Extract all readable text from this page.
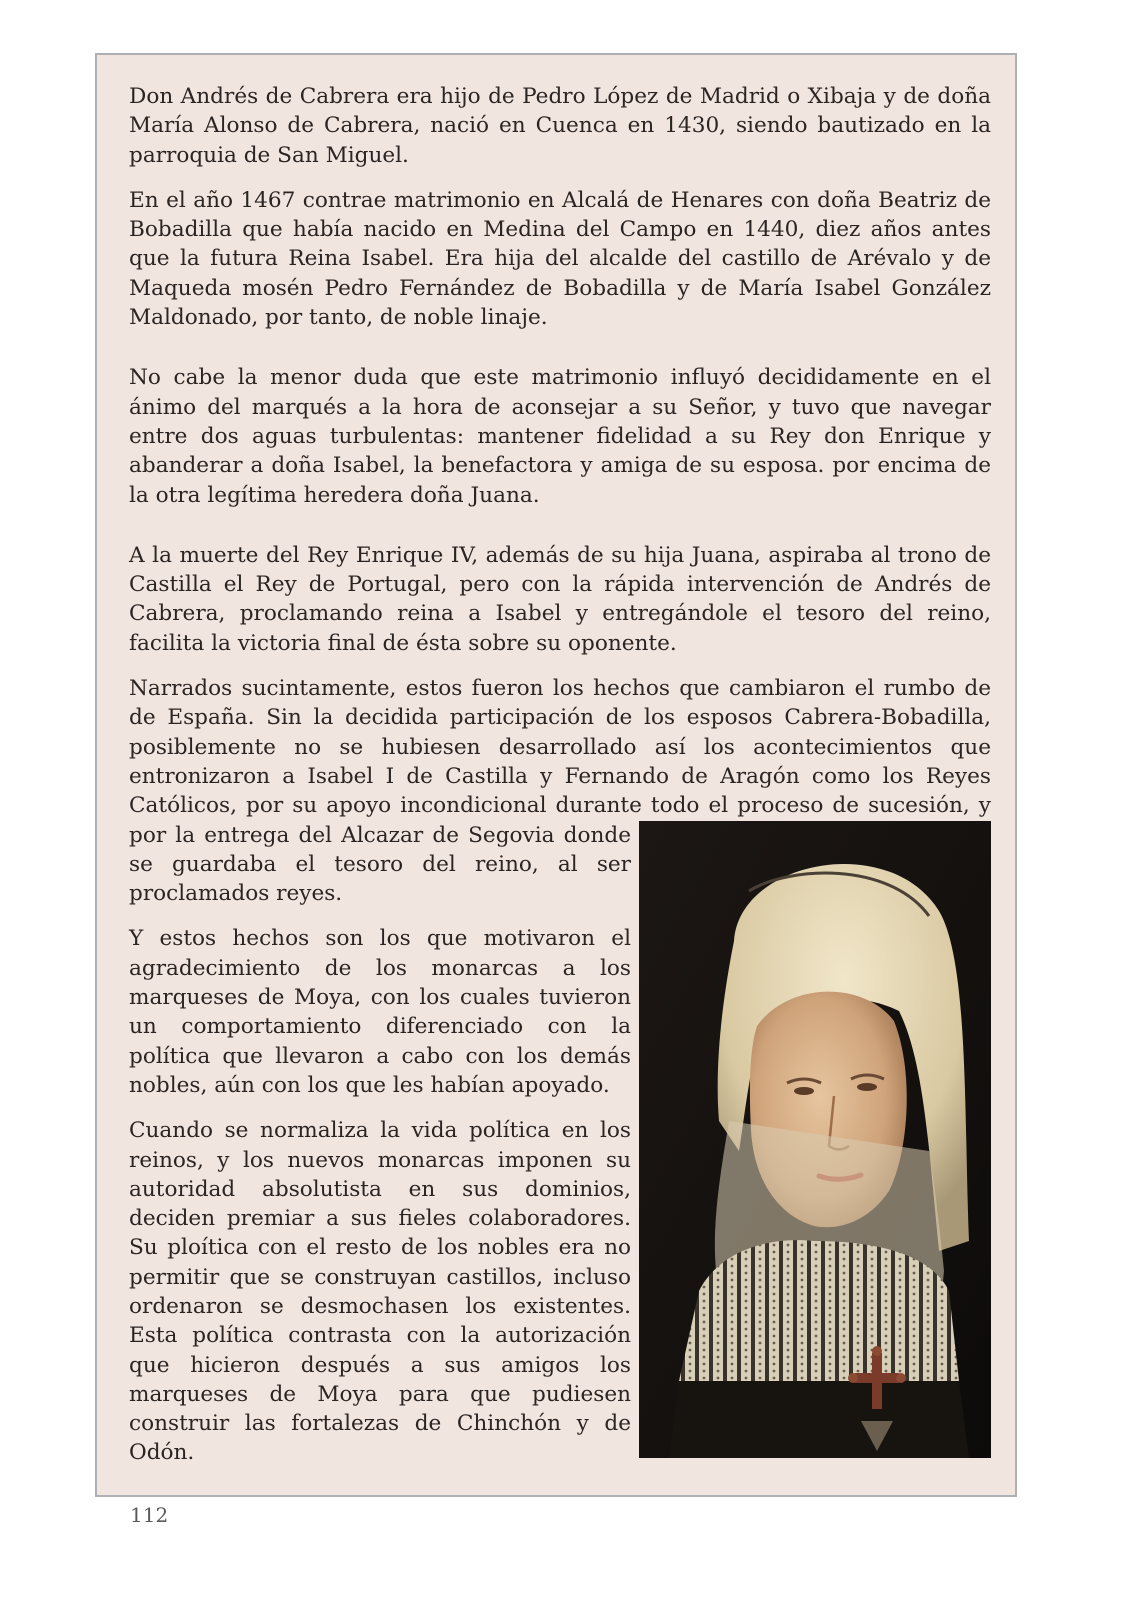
Don Andrés de Cabrera era hijo de Pedro López de Madrid o Xibaja y de doña María Alonso de Cabrera, nació en Cuenca en 1430, siendo bautizado en la parroquia de San Miguel.

En el año 1467 contrae matrimonio en Alcalá de Henares con doña Beatriz de Bobadilla que había nacido en Medina del Campo en 1440, diez años antes que la futura Reina Isabel. Era hija del alcalde del castillo de Arévalo y de Maqueda mosén Pedro Fernández de Bobadilla y de María Isabel González Maldonado, por tanto, de noble linaje.

No cabe la menor duda que este matrimonio influyó decididamente en el ánimo del marqués a la hora de aconsejar a su Señor, y tuvo que navegar entre dos aguas turbulentas: mantener fidelidad a su Rey don Enrique y abanderar a doña Isabel, la benefactora y amiga de su esposa. por encima de la otra legítima heredera doña Juana.

A la muerte del Rey Enrique IV, además de su hija Juana, aspiraba al trono de Castilla el Rey de Portugal, pero con la rápida intervención de Andrés de Cabrera, proclamando reina a Isabel y entregándole el tesoro del reino, facilita la victoria final de ésta sobre su oponente.

Narrados sucintamente, estos fueron los hechos que cambiaron el rumbo de de España. Sin la decidida participación de los esposos Cabrera-Bobadilla, posiblemente no se hubiesen desarrollado así los acontecimientos que entronizaron a Isabel I de Castilla y Fernando de Aragón como los Reyes Católicos, por su apoyo incondicional durante todo el proceso de sucesión, y por la entrega del Alcazar de
Segovia donde se guardaba el tesoro del reino, al ser proclamados reyes.

Y estos hechos son los que motivaron el agradecimiento de los monarcas a los marqueses de Moya, con los cuales tuvieron un comportamiento diferenciado con la política que llevaron a cabo con los demás nobles, aún con los que les habían apoyado.

Cuando se normaliza la vida política en los reinos, y los nuevos monarcas imponen su autoridad absolutista en sus dominios, deciden premiar a sus fieles colaboradores. Su ploítica con el resto de los nobles era no permitir que se construyan castillos, incluso ordenaron se desmochasen los existentes. Esta política contrasta con la autorización que hicieron después a sus amigos los marqueses de Moya para que pudiesen construir las fortalezas de Chinchón y de Odón.

112
